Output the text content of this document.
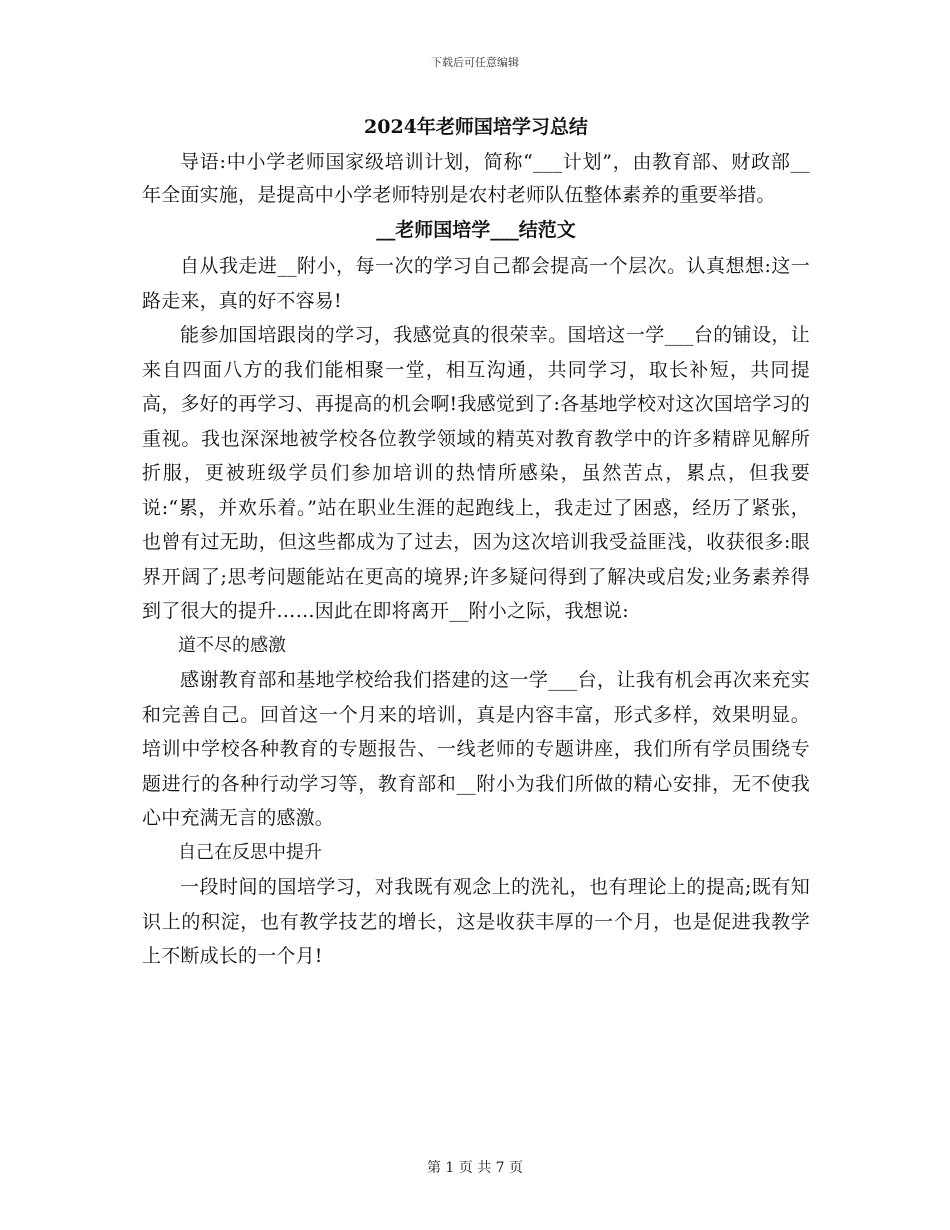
下载后可任意编辑
2024年老师国培学习总结

导语:中小学老师国家级培训计划，简称“___计划”，由教育部、财政部__年全面实施，是提高中小学老师特别是农村老师队伍整体素养的重要举措。

__老师国培学___结范文

自从我走进__附小，每一次的学习自己都会提高一个层次。认真想想:这一路走来，真的好不容易!

能参加国培跟岗的学习，我感觉真的很荣幸。国培这一学___台的铺设，让来自四面八方的我们能相聚一堂，相互沟通，共同学习，取长补短，共同提高，多好的再学习、再提高的机会啊!我感觉到了:各基地学校对这次国培学习的重视。我也深深地被学校各位教学领域的精英对教育教学中的许多精辟见解所折服，更被班级学员们参加培训的热情所感染，虽然苦点，累点，但我要说:“累，并欢乐着。”站在职业生涯的起跑线上，我走过了困惑，经历了紧张，也曾有过无助，但这些都成为了过去，因为这次培训我受益匪浅，收获很多:眼界开阔了;思考问题能站在更高的境界;许多疑问得到了解决或启发;业务素养得到了很大的提升……因此在即将离开__附小之际，我想说:

道不尽的感激

感谢教育部和基地学校给我们搭建的这一学___台，让我有机会再次来充实和完善自己。回首这一个月来的培训，真是内容丰富，形式多样，效果明显。培训中学校各种教育的专题报告、一线老师的专题讲座，我们所有学员围绕专题进行的各种行动学习等，教育部和__附小为我们所做的精心安排，无不使我心中充满无言的感激。

自己在反思中提升

一段时间的国培学习，对我既有观念上的洗礼，也有理论上的提高;既有知识上的积淀，也有教学技艺的增长，这是收获丰厚的一个月，也是促进我教学上不断成长的一个月!

第 1 页 共 7 页
